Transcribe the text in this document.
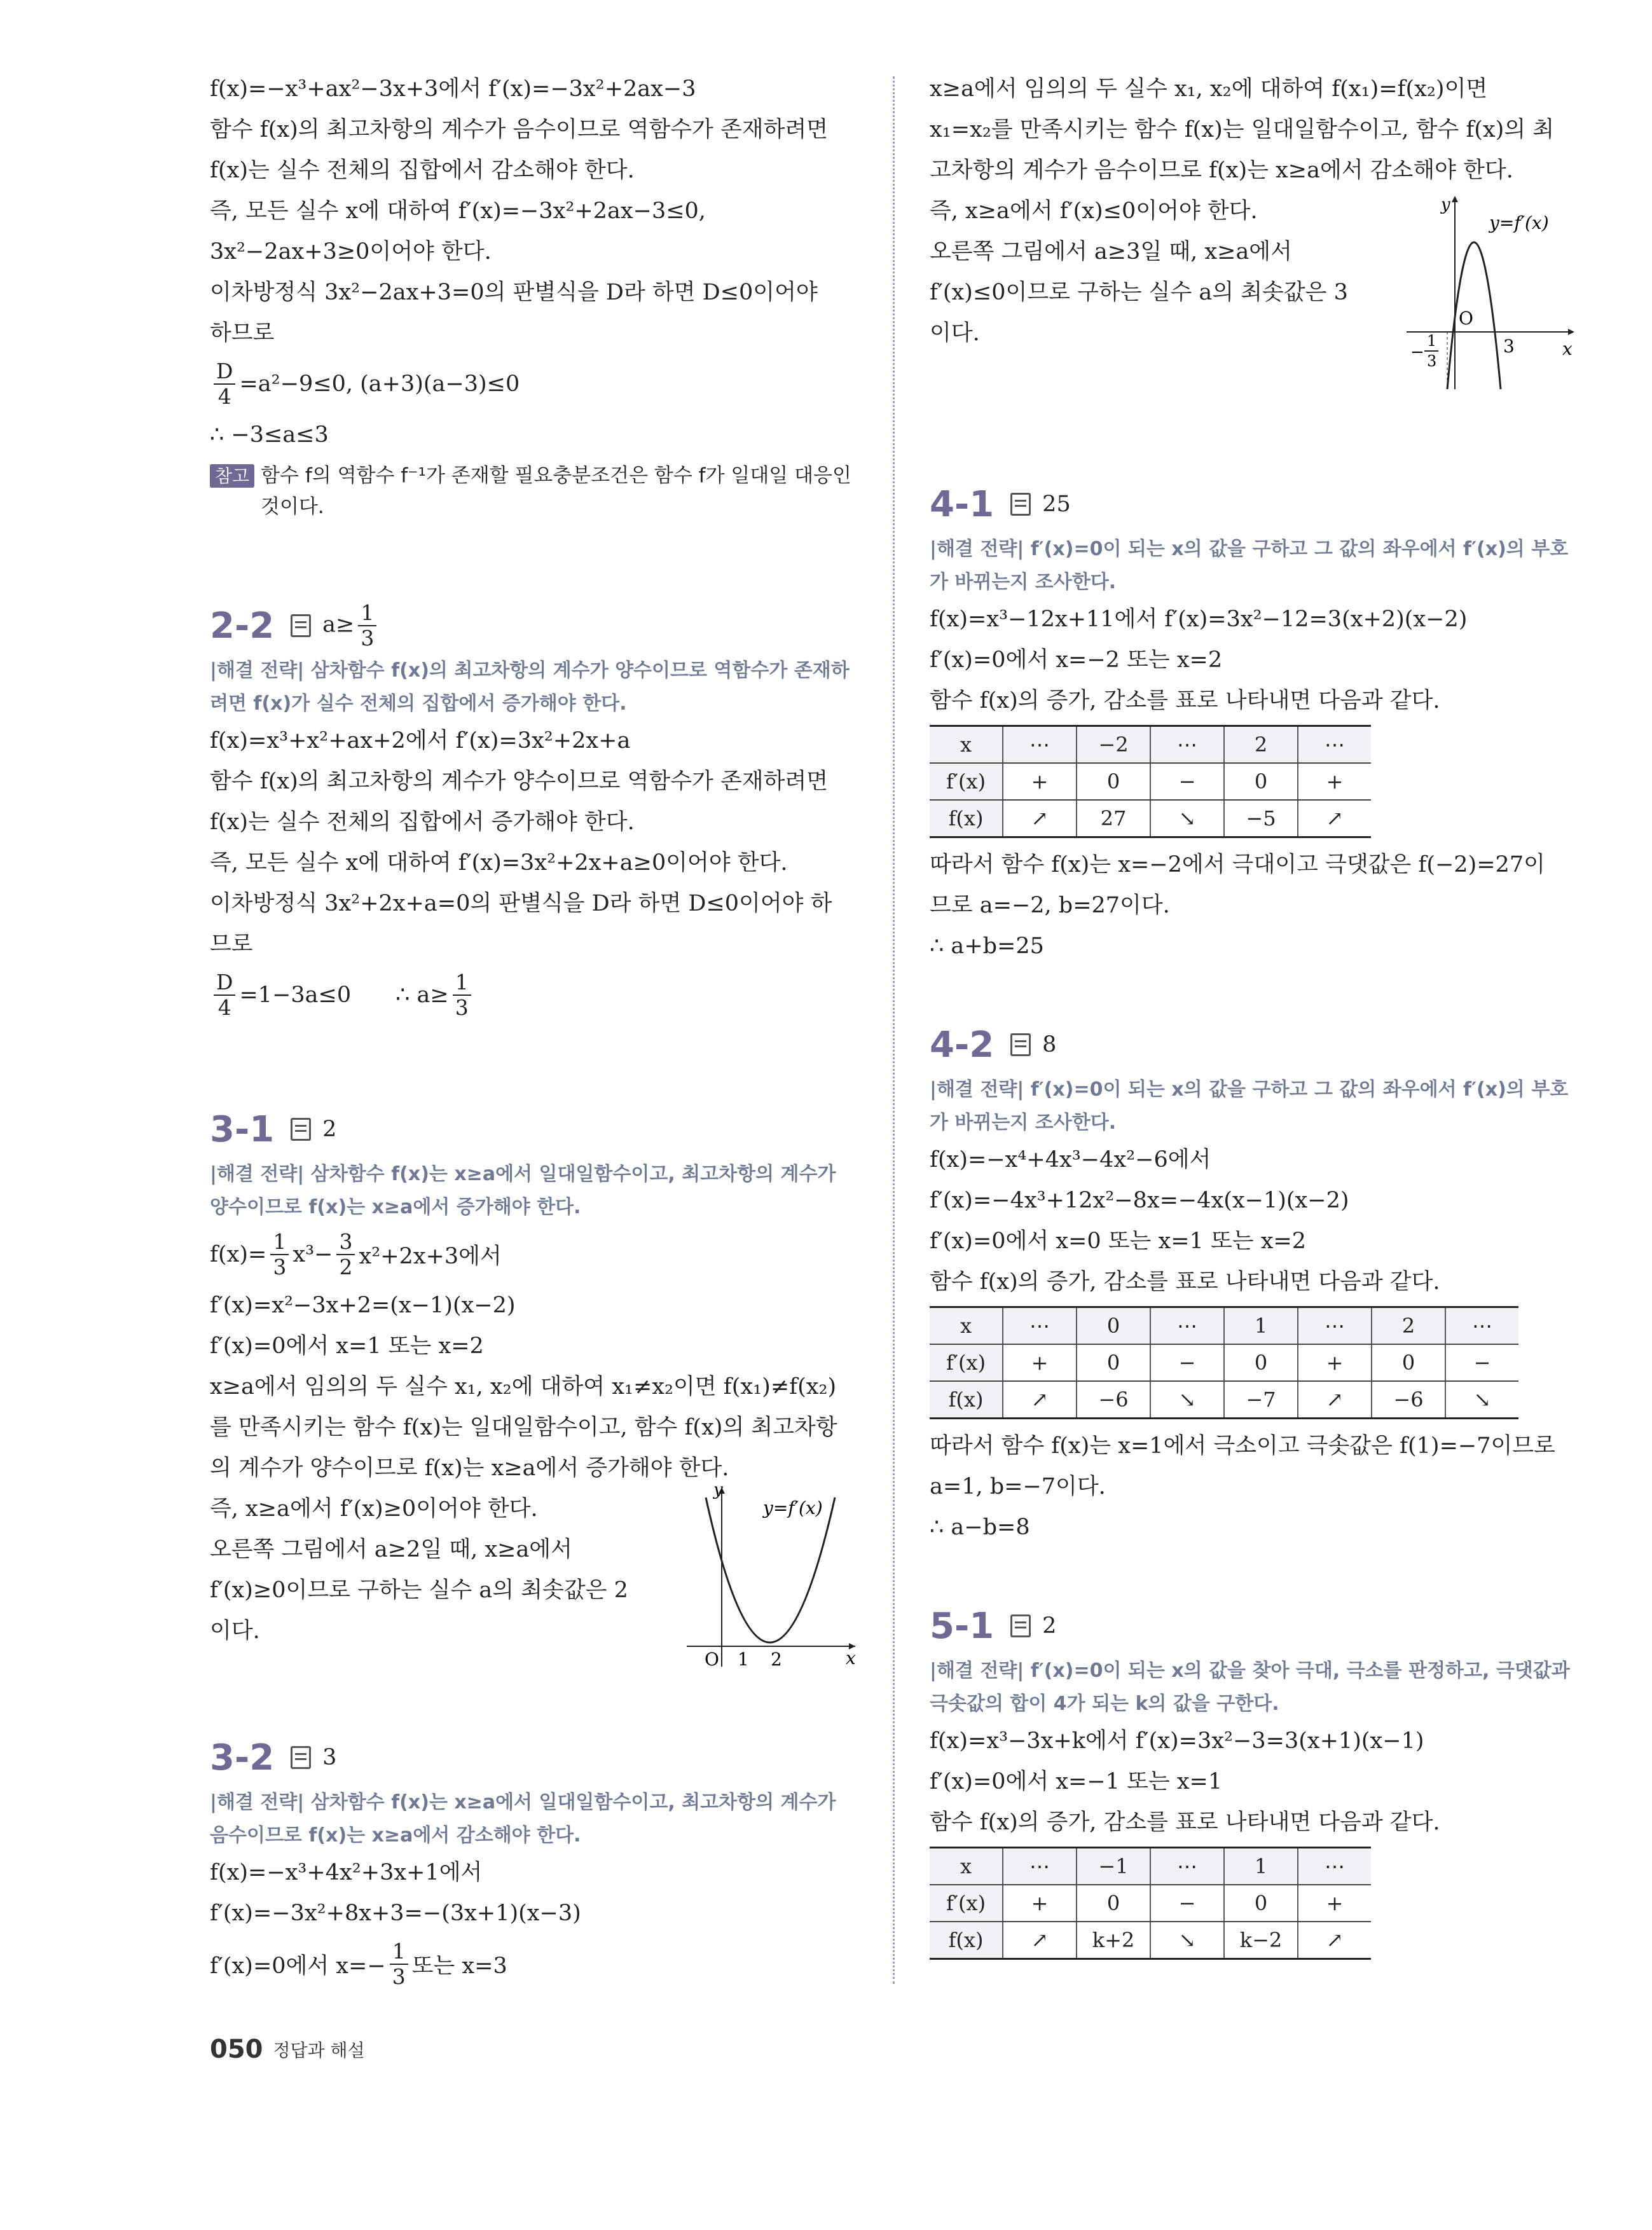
f(x)=−x³+ax²−3x+3에서 f′(x)=−3x²+2ax−3
함수 f(x)의 최고차항의 계수가 음수이므로 역함수가 존재하려면
f(x)는 실수 전체의 집합에서 감소해야 한다.
즉, 모든 실수 x에 대하여 f′(x)=−3x²+2ax−3≤0,
3x²−2ax+3≥0이어야 한다.
이차방정식 3x²−2ax+3=0의 판별식을 D라 하면 D≤0이어야
하므로
$\frac{D}{4} =a^2-9\le 0$, (a+3)(a−3)≤0
∴ −3≤a≤3
참고 함수 f의 역함수 f⁻¹가 존재할 필요충분조건은 함수 f가 일대일 대응인
것이다.
2-2 $a\ge \frac{1}{3}$
|해결 전략| 삼차함수 f(x)의 최고차항의 계수가 양수이므로 역함수가 존재하려면 f(x)가 실수 전체의 집합에서 증가해야 한다.
f(x)=x³+x²+ax+2에서 f′(x)=3x²+2x+a
함수 f(x)의 최고차항의 계수가 양수이므로 역함수가 존재하려면
f(x)는 실수 전체의 집합에서 증가해야 한다.
즉, 모든 실수 x에 대하여 f′(x)=3x²+2x+a≥0이어야 한다.
이차방정식 3x²+2x+a=0의 판별식을 D라 하면 D≤0이어야 하
므로
$\frac{D}{4} =1-3a\le 0$ ∴ $a\ge \frac{1}{3}$
3-1 2
|해결 전략| 삼차함수 f(x)는 x≥a에서 일대일함수이고, 최고차항의 계수가 양수이므로 f(x)는 x≥a에서 증가해야 한다.
$f(x)= \frac{1}{3} x^3- \frac{3}{2} x^2+2x+3$에서
f′(x)=x²−3x+2=(x−1)(x−2)
f′(x)=0에서 x=1 또는 x=2
x≥a에서 임의의 두 실수 x₁, x₂에 대하여 x₁≠x₂이면 f(x₁)≠f(x₂)
를 만족시키는 함수 f(x)는 일대일함수이고, 함수 f(x)의 최고차항
의 계수가 양수이므로 f(x)는 x≥a에서 증가해야 한다.
즉, x≥a에서 f′(x)≥0이어야 한다.
오른쪽 그림에서 a≥2일 때, x≥a에서
f′(x)≥0이므로 구하는 실수 a의 최솟값은 2
이다.
y
x
y=f′(x)
O 1 2
3-2 3
|해결 전략| 삼차함수 f(x)는 x≥a에서 일대일함수이고, 최고차항의 계수가 음수이므로 f(x)는 x≥a에서 감소해야 한다.
f(x)=−x³+4x²+3x+1에서
f′(x)=−3x²+8x+3=−(3x+1)(x−3)
f′(x)=0에서 $x=- \frac{1}{3}$ 또는 x=3
x≥a에서 임의의 두 실수 x₁, x₂에 대하여 f(x₁)=f(x₂)이면
x₁=x₂를 만족시키는 함수 f(x)는 일대일함수이고, 함수 f(x)의 최
고차항의 계수가 음수이므로 f(x)는 x≥a에서 감소해야 한다.
즉, x≥a에서 f′(x)≤0이어야 한다.
오른쪽 그림에서 a≥3일 때, x≥a에서
f′(x)≤0이므로 구하는 실수 a의 최솟값은 3
이다.
y
x
y=f′(x)
O
3
−
1
3
4-1 25
|해결 전략| f′(x)=0이 되는 x의 값을 구하고 그 값의 좌우에서 f′(x)의 부호가 바뀌는지 조사한다.
f(x)=x³−12x+11에서 f′(x)=3x²−12=3(x+2)(x−2)
f′(x)=0에서 x=−2 또는 x=2
함수 f(x)의 증가, 감소를 표로 나타내면 다음과 같다.
x	⋯	−2	⋯	2	⋯
f′(x)	+	0	−	0	+
f(x)	↗	27	↘	−5	↗
따라서 함수 f(x)는 x=−2에서 극대이고 극댓값은 f(−2)=27이
므로 a=−2, b=27이다.
∴ a+b=25
4-2 8
|해결 전략| f′(x)=0이 되는 x의 값을 구하고 그 값의 좌우에서 f′(x)의 부호가 바뀌는지 조사한다.
f(x)=−x⁴+4x³−4x²−6에서
f′(x)=−4x³+12x²−8x=−4x(x−1)(x−2)
f′(x)=0에서 x=0 또는 x=1 또는 x=2
함수 f(x)의 증가, 감소를 표로 나타내면 다음과 같다.
x	⋯	0	⋯	1	⋯	2	⋯
f′(x)	+	0	−	0	+	0	−
f(x)	↗	−6	↘	−7	↗	−6	↘
따라서 함수 f(x)는 x=1에서 극소이고 극솟값은 f(1)=−7이므로
a=1, b=−7이다.
∴ a−b=8
5-1 2
|해결 전략| f′(x)=0이 되는 x의 값을 찾아 극대, 극소를 판정하고, 극댓값과 극솟값의 합이 4가 되는 k의 값을 구한다.
f(x)=x³−3x+k에서 f′(x)=3x²−3=3(x+1)(x−1)
f′(x)=0에서 x=−1 또는 x=1
함수 f(x)의 증가, 감소를 표로 나타내면 다음과 같다.
x	⋯	−1	⋯	1	⋯
f′(x)	+	0	−	0	+
f(x)	↗	k+2	↘	k−2	↗
050 정답과 해설
